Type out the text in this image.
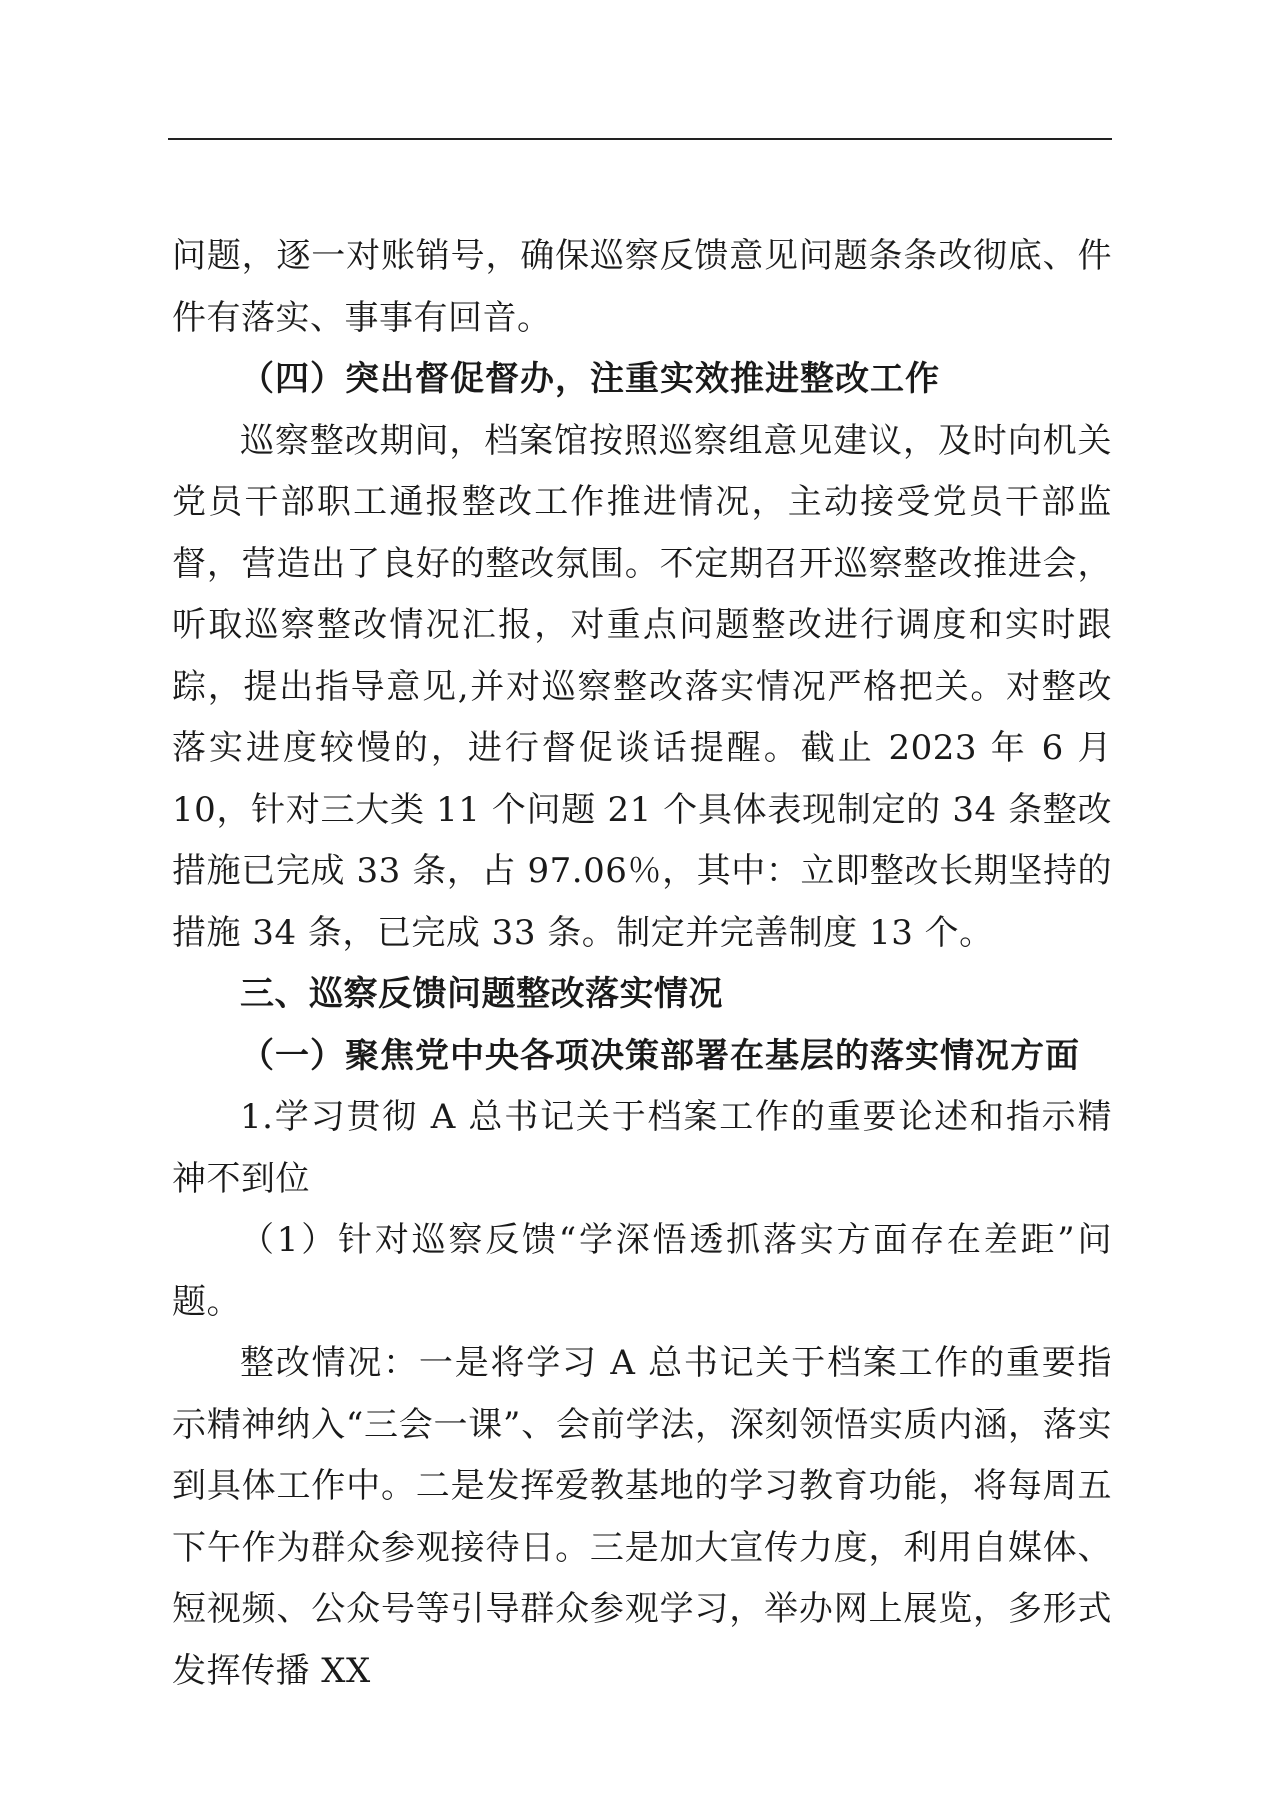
问题，逐一对账销号，确保巡察反馈意见问题条条改彻底、件件有落实、事事有回音。

（四）突出督促督办，注重实效推进整改工作

巡察整改期间，档案馆按照巡察组意见建议，及时向机关党员干部职工通报整改工作推进情况，主动接受党员干部监督，营造出了良好的整改氛围。不定期召开巡察整改推进会，听取巡察整改情况汇报，对重点问题整改进行调度和实时跟踪，提出指导意见,并对巡察整改落实情况严格把关。对整改落实进度较慢的，进行督促谈话提醒。截止 2023 年 6 月 10，针对三大类 11 个问题 21 个具体表现制定的 34 条整改措施已完成 33 条，占 97.06％，其中：立即整改长期坚持的措施 34 条，已完成 33 条。制定并完善制度 13 个。

三、巡察反馈问题整改落实情况

（一）聚焦党中央各项决策部署在基层的落实情况方面

1.学习贯彻 A 总书记关于档案工作的重要论述和指示精神不到位

（1）针对巡察反馈“学深悟透抓落实方面存在差距”问题。

整改情况：一是将学习 A 总书记关于档案工作的重要指示精神纳入“三会一课”、会前学法，深刻领悟实质内涵，落实到具体工作中。二是发挥爱教基地的学习教育功能，将每周五下午作为群众参观接待日。三是加大宣传力度，利用自媒体、短视频、公众号等引导群众参观学习，举办网上展览，多形式发挥传播 XX
